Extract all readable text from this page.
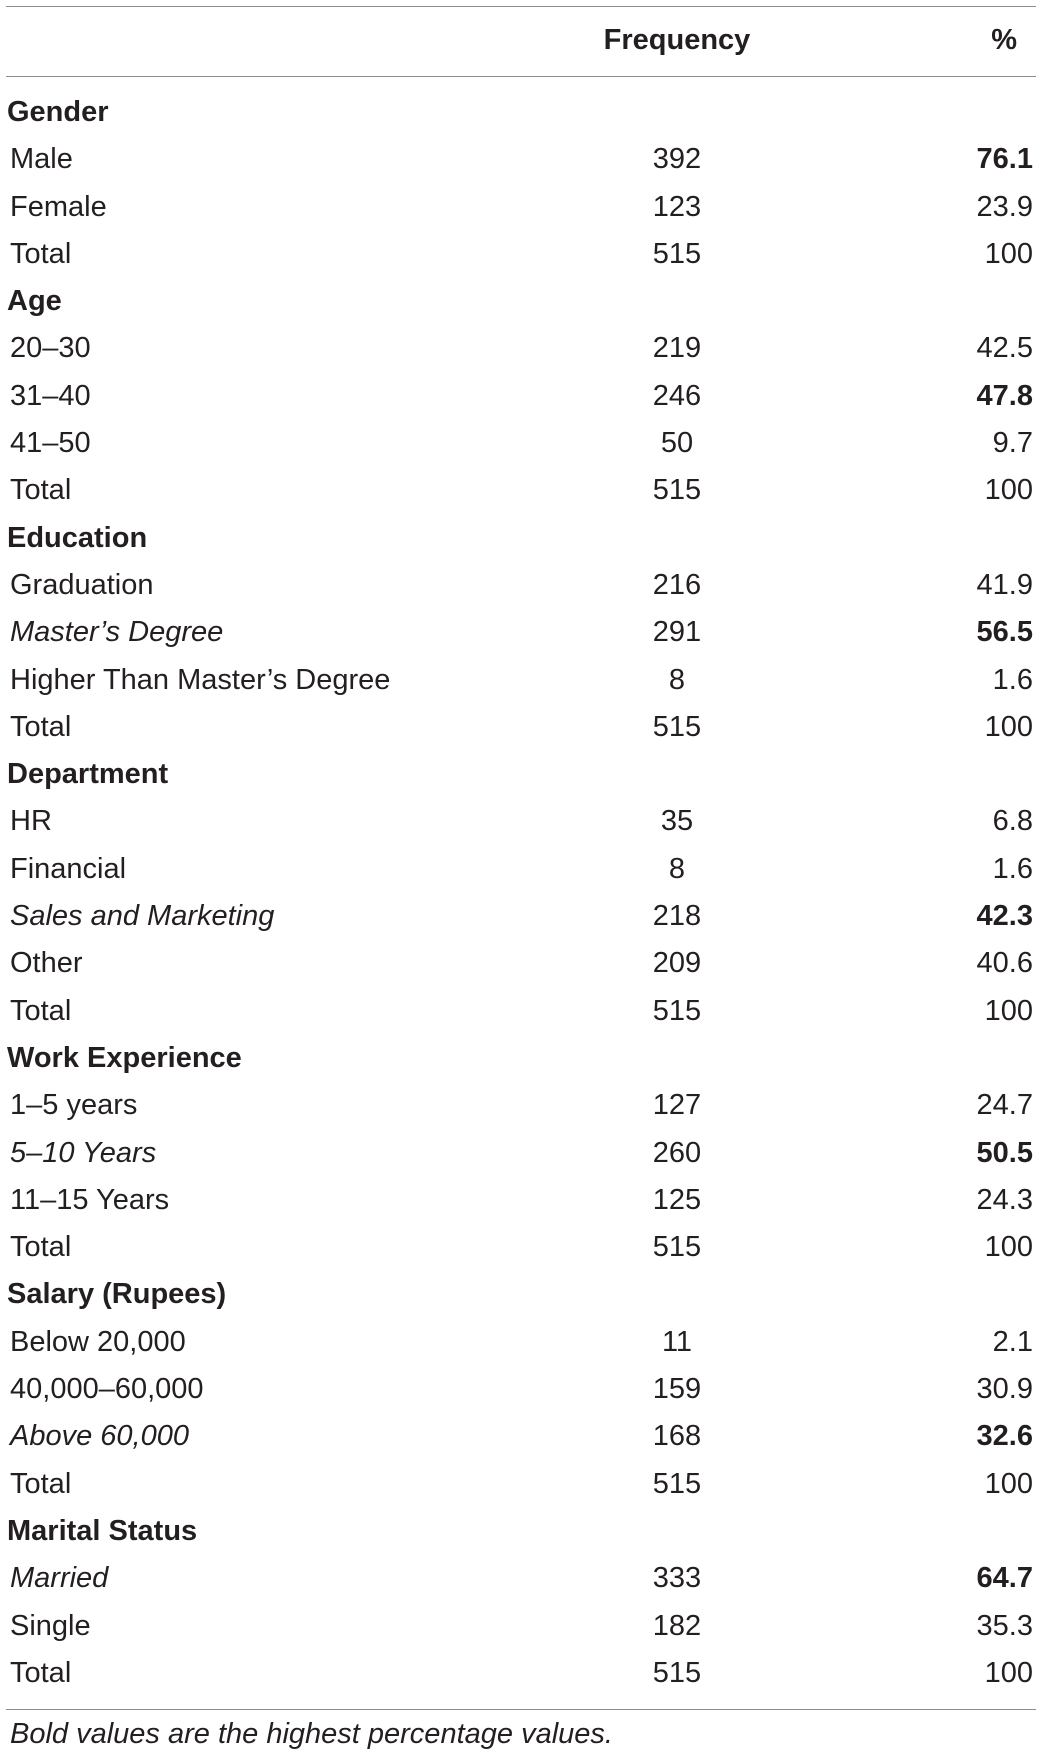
Frequency	%
Gender
Male	392	76.1
Female	123	23.9
Total	515	100
Age
20–30	219	42.5
31–40	246	47.8
41–50	50	9.7
Total	515	100
Education
Graduation	216	41.9
Master’s Degree	291	56.5
Higher Than Master’s Degree	8	1.6
Total	515	100
Department
HR	35	6.8
Financial	8	1.6
Sales and Marketing	218	42.3
Other	209	40.6
Total	515	100
Work Experience
1–5 years	127	24.7
5–10 Years	260	50.5
11–15 Years	125	24.3
Total	515	100
Salary (Rupees)
Below 20,000	11	2.1
40,000–60,000	159	30.9
Above 60,000	168	32.6
Total	515	100
Marital Status
Married	333	64.7
Single	182	35.3
Total	515	100
Bold values are the highest percentage values.
